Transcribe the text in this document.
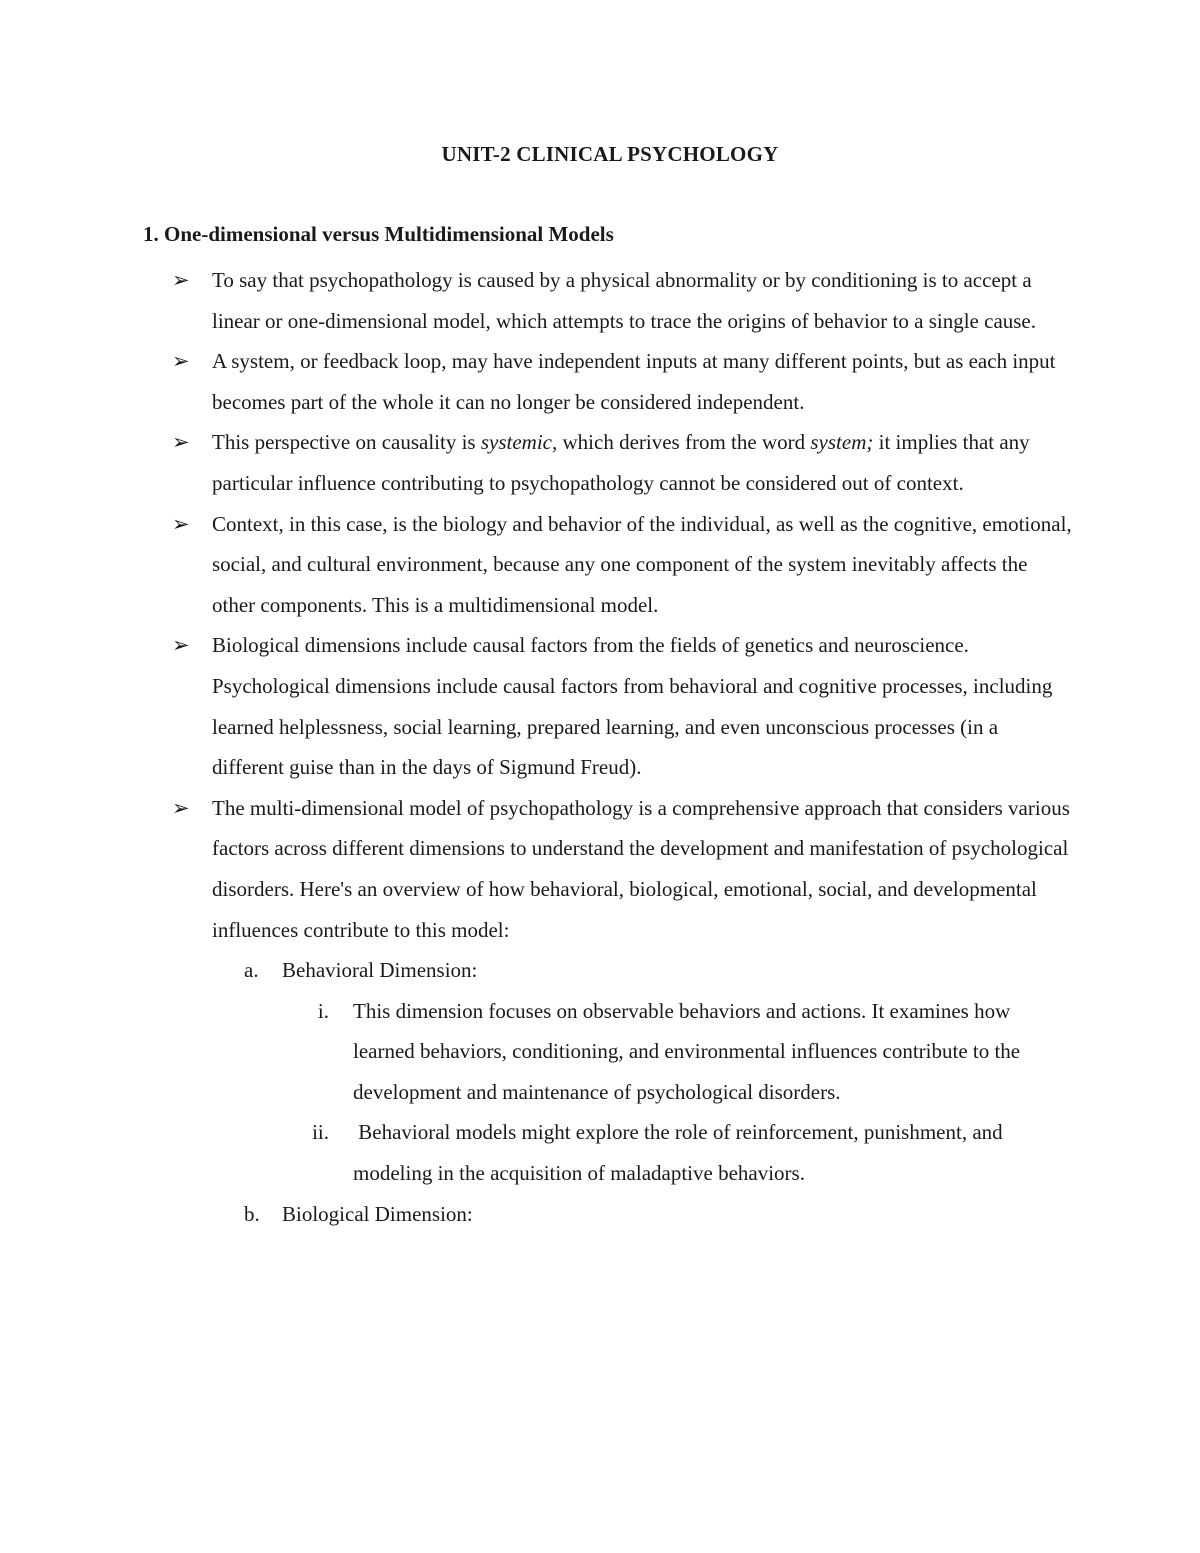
UNIT-2 CLINICAL PSYCHOLOGY
1. One-dimensional versus Multidimensional Models
➢	To say that psychopathology is caused by a physical abnormality or by conditioning is to accept a linear or one-dimensional model, which attempts to trace the origins of behavior to a single cause.
➢	A system, or feedback loop, may have independent inputs at many different points, but as each input becomes part of the whole it can no longer be considered independent.
➢	This perspective on causality is systemic, which derives from the word system; it implies that any particular influence contributing to psychopathology cannot be considered out of context.
➢	Context, in this case, is the biology and behavior of the individual, as well as the cognitive, emotional, social, and cultural environment, because any one component of the system inevitably affects the other components. This is a multidimensional model.
➢	Biological dimensions include causal factors from the fields of genetics and neuroscience. Psychological dimensions include causal factors from behavioral and cognitive processes, including learned helplessness, social learning, prepared learning, and even unconscious processes (in a different guise than in the days of Sigmund Freud).
➢	The multi-dimensional model of psychopathology is a comprehensive approach that considers various factors across different dimensions to understand the development and manifestation of psychological disorders. Here's an overview of how behavioral, biological, emotional, social, and developmental influences contribute to this model:
a. Behavioral Dimension:
i.	This dimension focuses on observable behaviors and actions. It examines how learned behaviors, conditioning, and environmental influences contribute to the development and maintenance of psychological disorders.
ii.	Behavioral models might explore the role of reinforcement, punishment, and modeling in the acquisition of maladaptive behaviors.
b. Biological Dimension:
